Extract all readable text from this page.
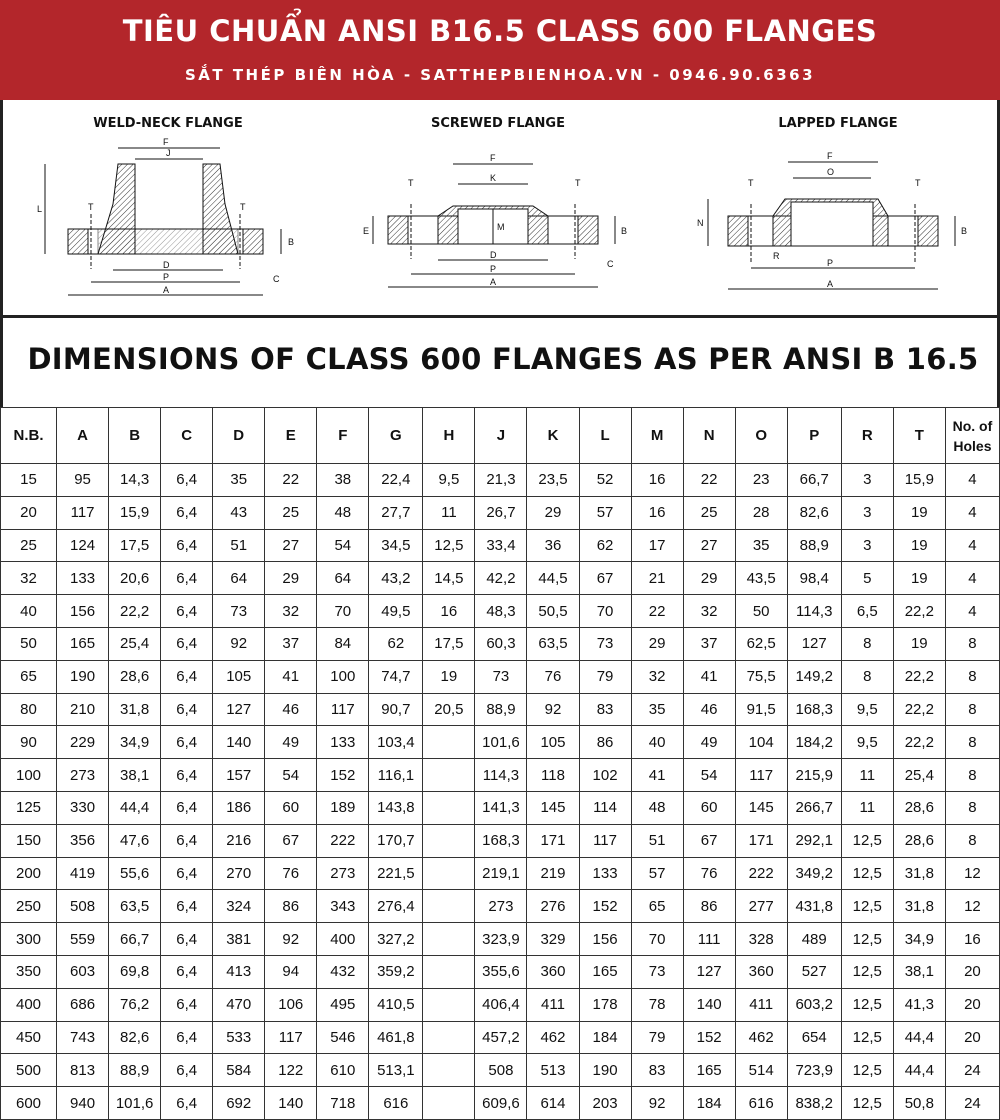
TIÊU CHUẨN ANSI B16.5 CLASS 600 FLANGES
SẮT THÉP BIÊN HÒA - SATTHEPBIENHOA.VN - 0946.90.6363
WELD-NECK FLANGE
F
J
L	T	T
B
D
P
A
C
SCREWED FLANGE
F
K
T	T
E	M	B
D
P
A
C
LAPPED FLANGE
F
O
T	T
N
B
R
P
A
DIMENSIONS OF CLASS 600 FLANGES AS PER ANSI B 16.5
N.B.	A	B	C	D	E	F	G	H	J	K	L	M	N	O	P	R	T	No. of Holes
15	95	14,3	6,4	35	22	38	22,4	9,5	21,3	23,5	52	16	22	23	66,7	3	15,9	4
20	117	15,9	6,4	43	25	48	27,7	11	26,7	29	57	16	25	28	82,6	3	19	4
25	124	17,5	6,4	51	27	54	34,5	12,5	33,4	36	62	17	27	35	88,9	3	19	4
32	133	20,6	6,4	64	29	64	43,2	14,5	42,2	44,5	67	21	29	43,5	98,4	5	19	4
40	156	22,2	6,4	73	32	70	49,5	16	48,3	50,5	70	22	32	50	114,3	6,5	22,2	4
50	165	25,4	6,4	92	37	84	62	17,5	60,3	63,5	73	29	37	62,5	127	8	19	8
65	190	28,6	6,4	105	41	100	74,7	19	73	76	79	32	41	75,5	149,2	8	22,2	8
80	210	31,8	6,4	127	46	117	90,7	20,5	88,9	92	83	35	46	91,5	168,3	9,5	22,2	8
90	229	34,9	6,4	140	49	133	103,4		101,6	105	86	40	49	104	184,2	9,5	22,2	8
100	273	38,1	6,4	157	54	152	116,1		114,3	118	102	41	54	117	215,9	11	25,4	8
125	330	44,4	6,4	186	60	189	143,8		141,3	145	114	48	60	145	266,7	11	28,6	8
150	356	47,6	6,4	216	67	222	170,7		168,3	171	117	51	67	171	292,1	12,5	28,6	8
200	419	55,6	6,4	270	76	273	221,5		219,1	219	133	57	76	222	349,2	12,5	31,8	12
250	508	63,5	6,4	324	86	343	276,4		273	276	152	65	86	277	431,8	12,5	31,8	12
300	559	66,7	6,4	381	92	400	327,2		323,9	329	156	70	111	328	489	12,5	34,9	16
350	603	69,8	6,4	413	94	432	359,2		355,6	360	165	73	127	360	527	12,5	38,1	20
400	686	76,2	6,4	470	106	495	410,5		406,4	411	178	78	140	411	603,2	12,5	41,3	20
450	743	82,6	6,4	533	117	546	461,8		457,2	462	184	79	152	462	654	12,5	44,4	20
500	813	88,9	6,4	584	122	610	513,1		508	513	190	83	165	514	723,9	12,5	44,4	24
600	940	101,6	6,4	692	140	718	616		609,6	614	203	92	184	616	838,2	12,5	50,8	24
